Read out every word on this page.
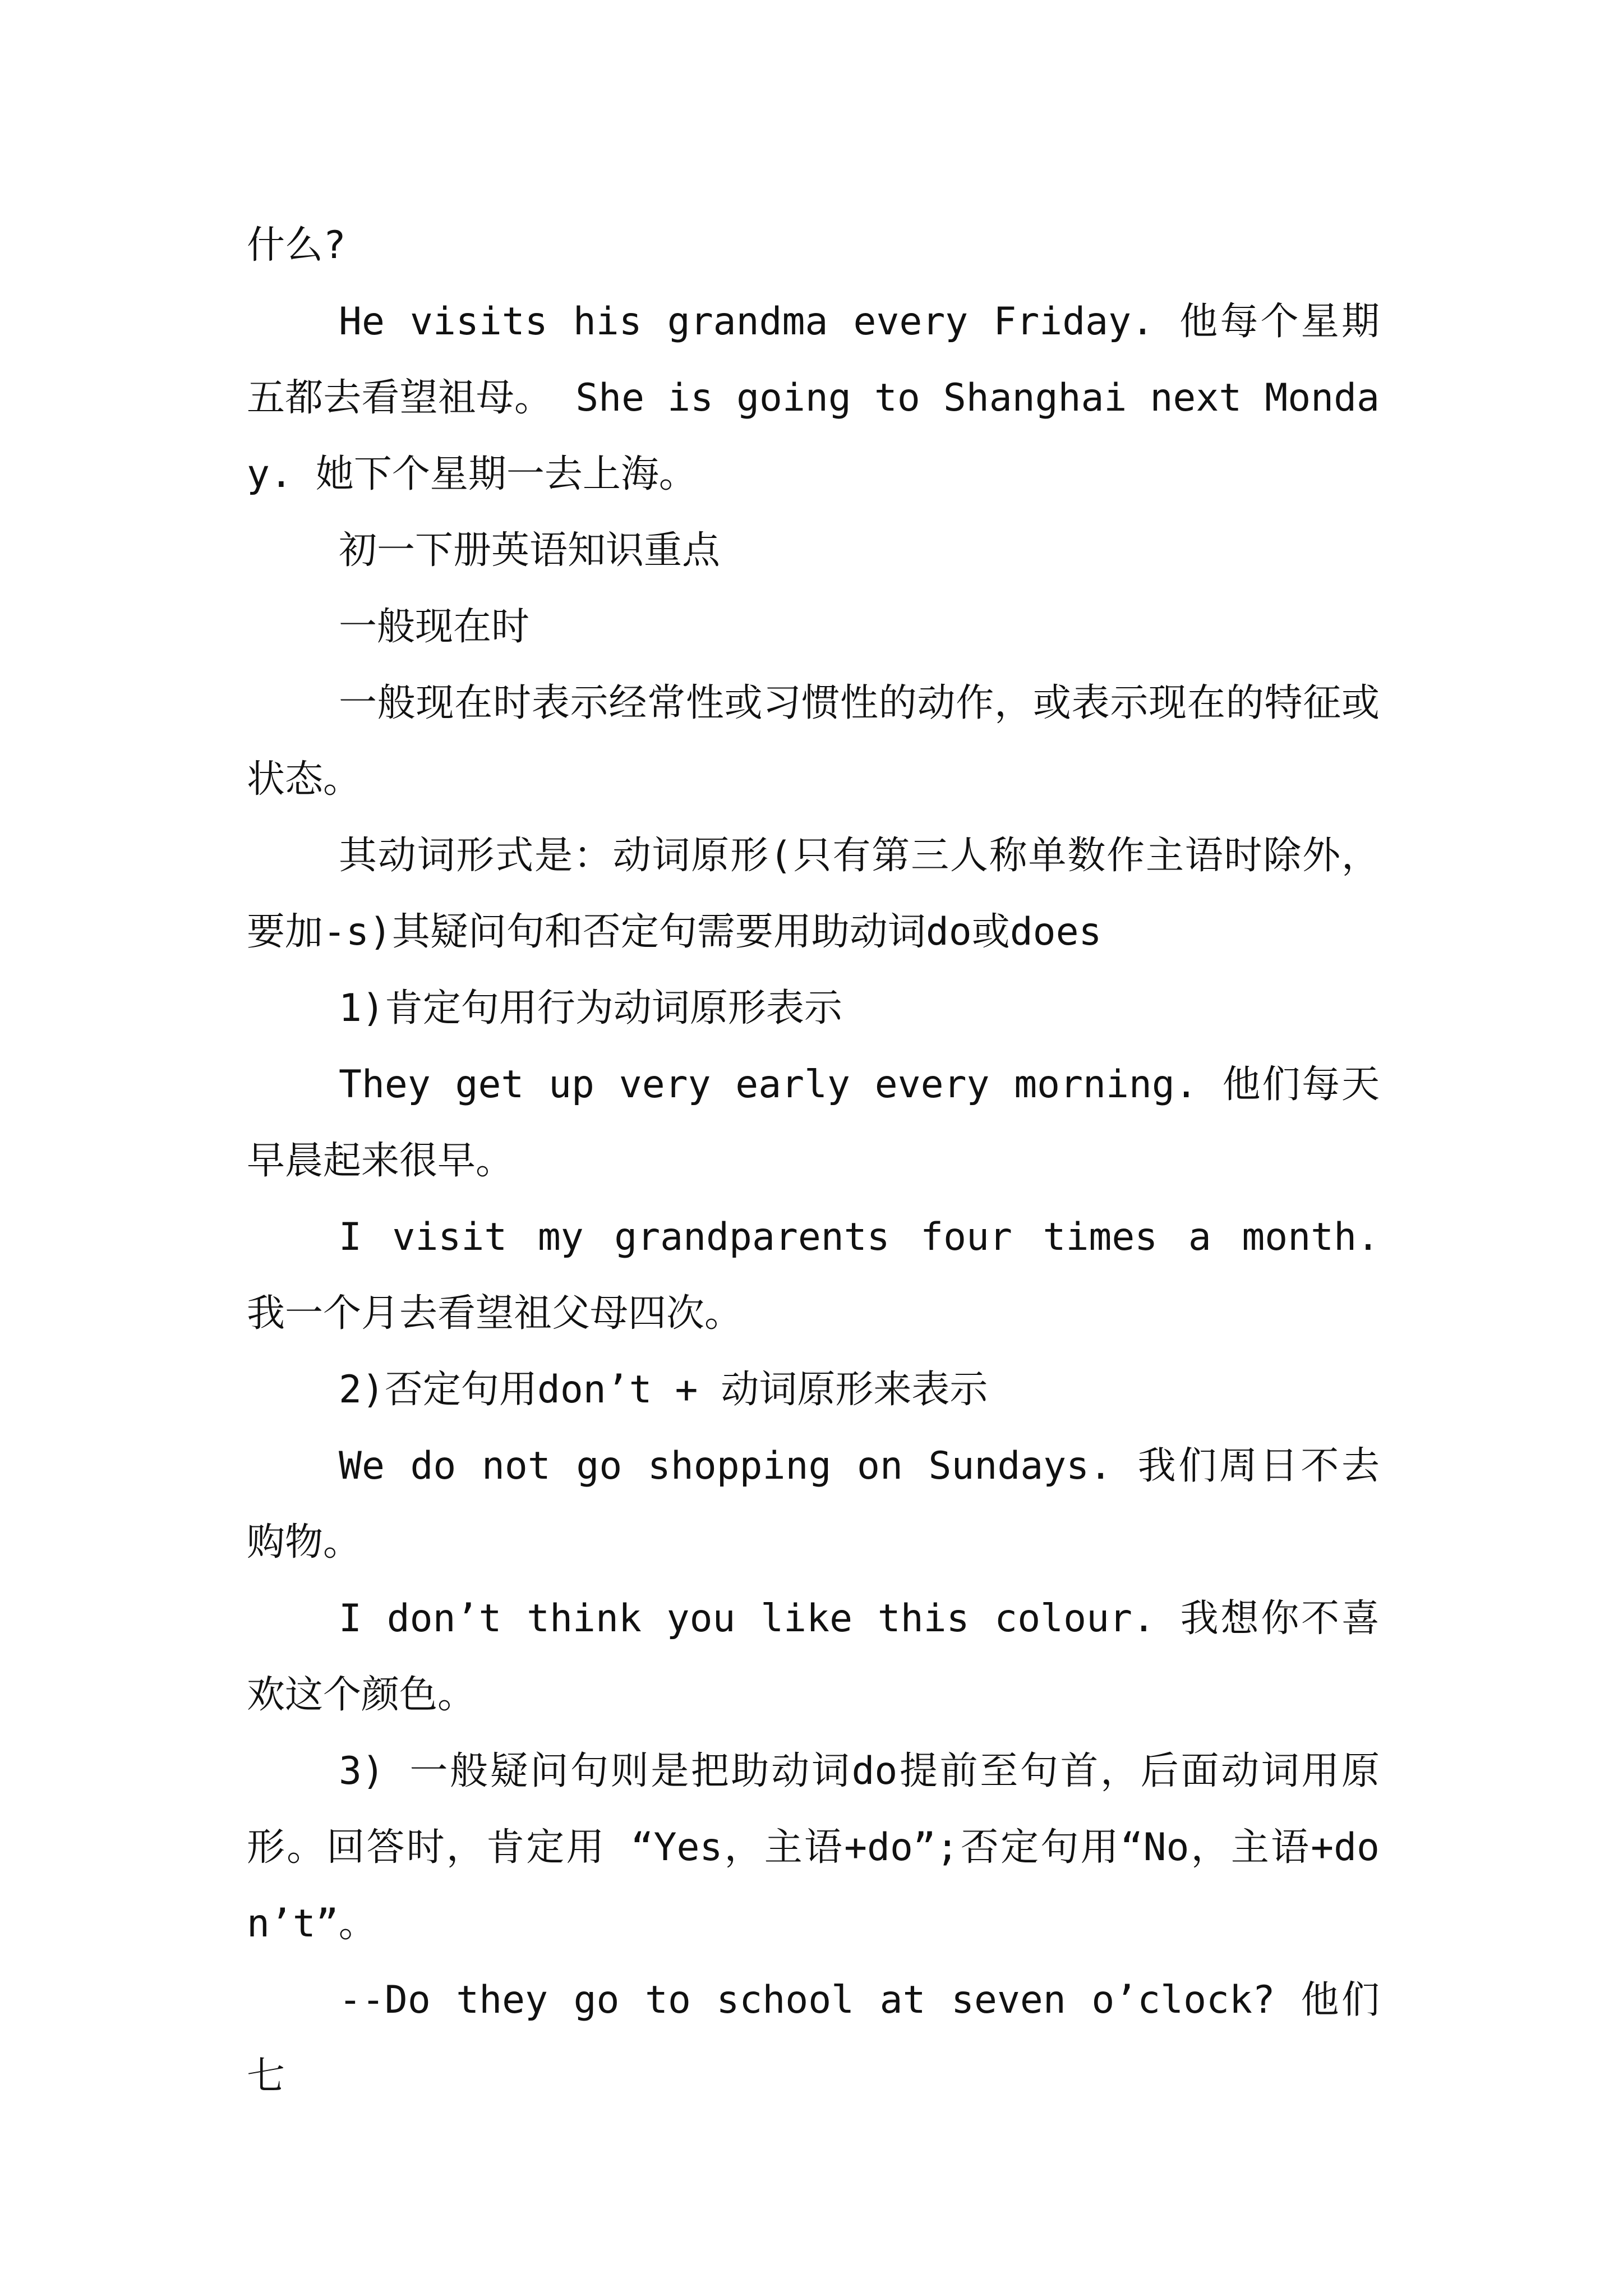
什么?

He visits his grandma every Friday. 他每个星期五都去看望祖母。 She is going to Shanghai next Monday. 她下个星期一去上海。

初一下册英语知识重点

一般现在时

一般现在时表示经常性或习惯性的动作，或表示现在的特征或状态。

其动词形式是：动词原形(只有第三人称单数作主语时除外，要加-s)其疑问句和否定句需要用助动词do或does

1)肯定句用行为动词原形表示

They get up very early every morning. 他们每天早晨起来很早。

I visit my grandparents four times a month. 我一个月去看望祖父母四次。

2)否定句用don’t + 动词原形来表示

We do not go shopping on Sundays. 我们周日不去购物。

I don’t think you like this colour. 我想你不喜欢这个颜色。

3) 一般疑问句则是把助动词do提前至句首，后面动词用原形。回答时，肯定用 “Yes，主语+do”;否定句用“No，主语+don’t”。

--Do they go to school at seven o’clock? 他们七
